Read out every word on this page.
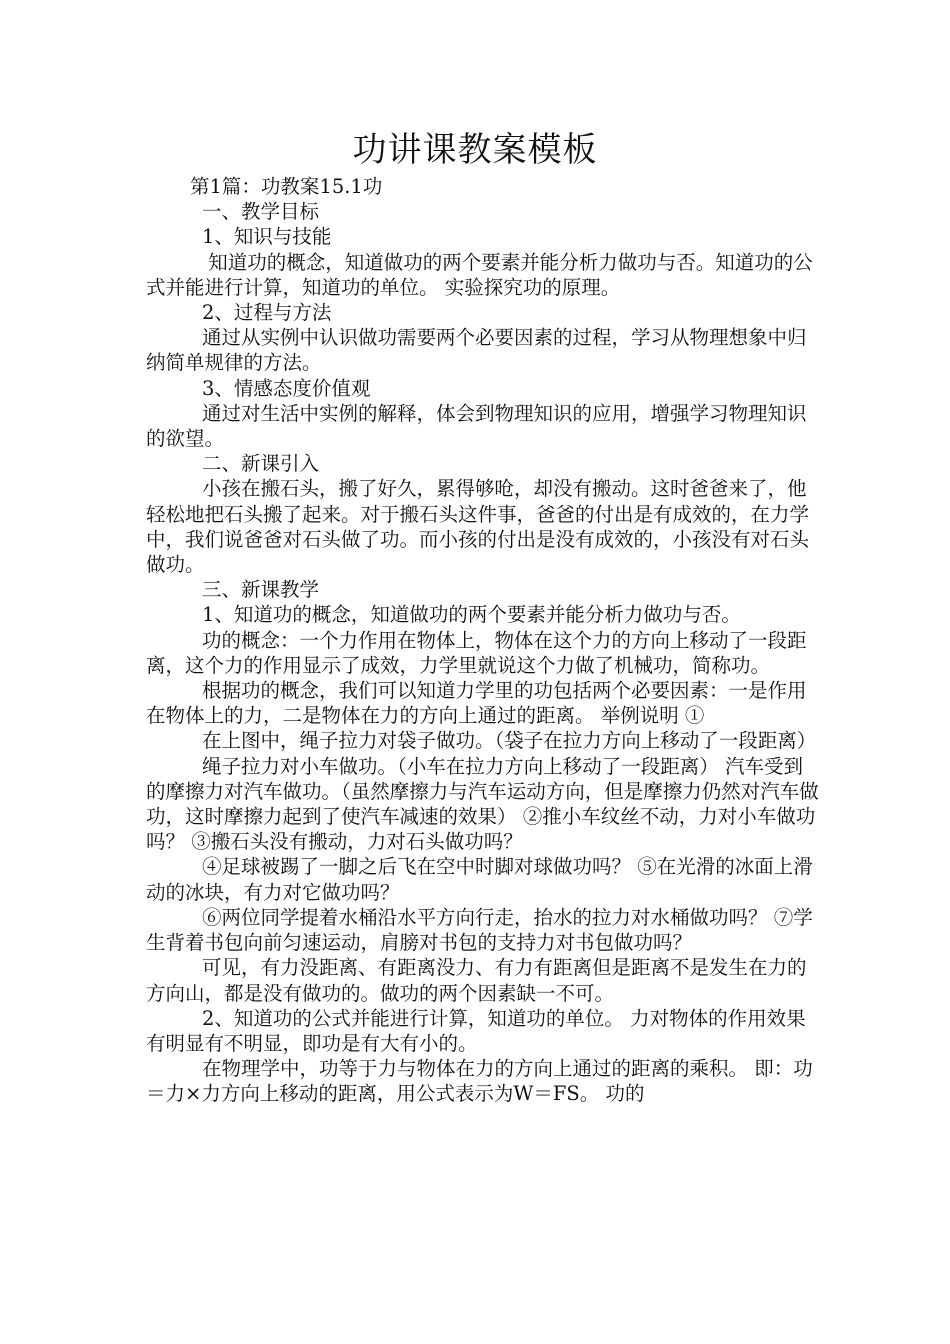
功讲课教案模板

第1篇：功教案15.1功

一、教学目标

1、知识与技能

知道功的概念，知道做功的两个要素并能分析力做功与否。知道功的公式并能进行计算，知道功的单位。 实验探究功的原理。

2、过程与方法

通过从实例中认识做功需要两个必要因素的过程，学习从物理想象中归纳简单规律的方法。

3、情感态度价值观

通过对生活中实例的解释，体会到物理知识的应用，增强学习物理知识的欲望。

二、新课引入

小孩在搬石头，搬了好久，累得够呛，却没有搬动。这时爸爸来了，他轻松地把石头搬了起来。对于搬石头这件事，爸爸的付出是有成效的，在力学中，我们说爸爸对石头做了功。而小孩的付出是没有成效的，小孩没有对石头做功。

三、新课教学

1、知道功的概念，知道做功的两个要素并能分析力做功与否。

功的概念：一个力作用在物体上，物体在这个力的方向上移动了一段距离，这个力的作用显示了成效，力学里就说这个力做了机械功，简称功。

根据功的概念，我们可以知道力学里的功包括两个必要因素：一是作用在物体上的力，二是物体在力的方向上通过的距离。 举例说明 ①

在上图中，绳子拉力对袋子做功。（袋子在拉力方向上移动了一段距离）

绳子拉力对小车做功。（小车在拉力方向上移动了一段距离） 汽车受到的摩擦力对汽车做功。（虽然摩擦力与汽车运动方向，但是摩擦力仍然对汽车做功，这时摩擦力起到了使汽车减速的效果） ②推小车纹丝不动，力对小车做功吗？ ③搬石头没有搬动，力对石头做功吗？

④足球被踢了一脚之后飞在空中时脚对球做功吗？ ⑤在光滑的冰面上滑动的冰块，有力对它做功吗？

⑥两位同学提着水桶沿水平方向行走，抬水的拉力对水桶做功吗？ ⑦学生背着书包向前匀速运动，肩膀对书包的支持力对书包做功吗？

可见，有力没距离、有距离没力、有力有距离但是距离不是发生在力的方向山，都是没有做功的。做功的两个因素缺一不可。

2、知道功的公式并能进行计算，知道功的单位。 力对物体的作用效果有明显有不明显，即功是有大有小的。

在物理学中，功等于力与物体在力的方向上通过的距离的乘积。 即：功＝力×力方向上移动的距离，用公式表示为W＝FS。 功的
